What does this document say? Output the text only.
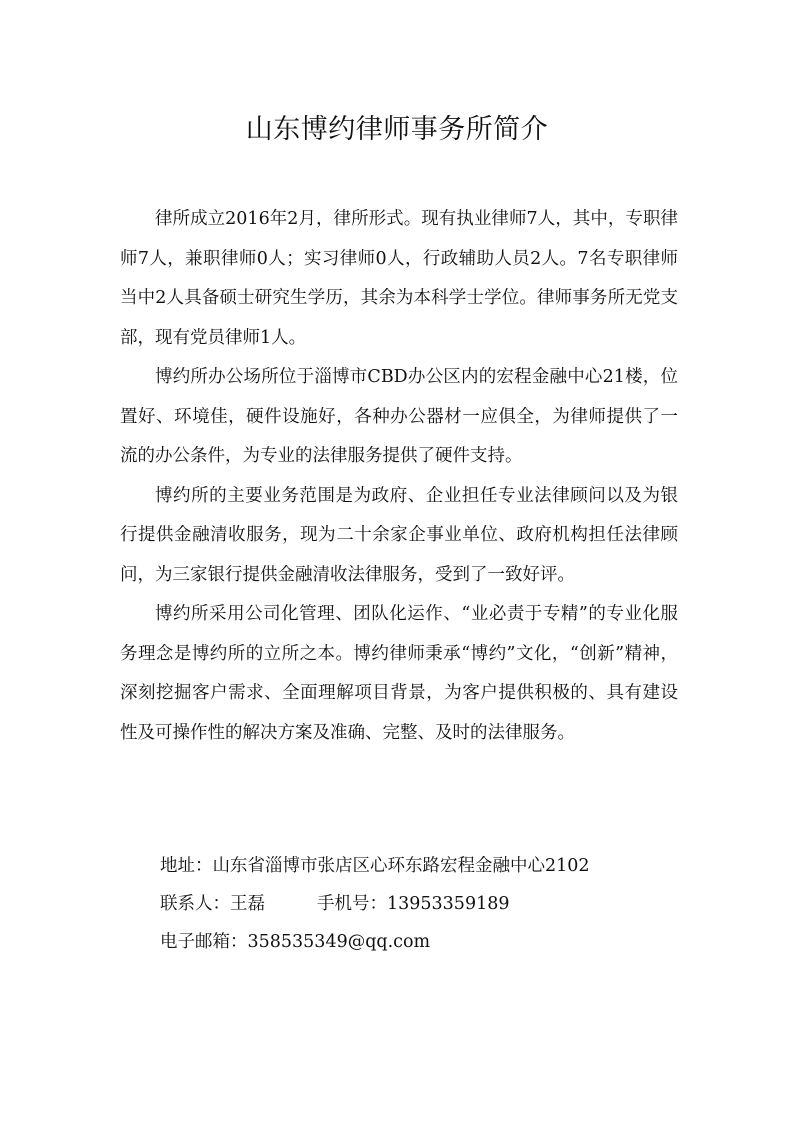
山东博约律师事务所简介

律所成立2016年2月，律所形式。现有执业律师7人，其中，专职律师7人，兼职律师0人；实习律师0人，行政辅助人员2人。7名专职律师当中2人具备硕士研究生学历，其余为本科学士学位。律师事务所无党支部，现有党员律师1人。

博约所办公场所位于淄博市CBD办公区内的宏程金融中心21楼，位置好、环境佳，硬件设施好，各种办公器材一应俱全，为律师提供了一流的办公条件，为专业的法律服务提供了硬件支持。

博约所的主要业务范围是为政府、企业担任专业法律顾问以及为银行提供金融清收服务，现为二十余家企事业单位、政府机构担任法律顾问，为三家银行提供金融清收法律服务，受到了一致好评。

博约所采用公司化管理、团队化运作、“业必责于专精”的专业化服务理念是博约所的立所之本。博约律师秉承“博约”文化，“创新”精神，深刻挖掘客户需求、全面理解项目背景，为客户提供积极的、具有建设性及可操作性的解决方案及准确、完整、及时的法律服务。

地址：山东省淄博市张店区心环东路宏程金融中心2102

联系人：王磊	手机号：13953359189

电子邮箱：358535349@qq.com
